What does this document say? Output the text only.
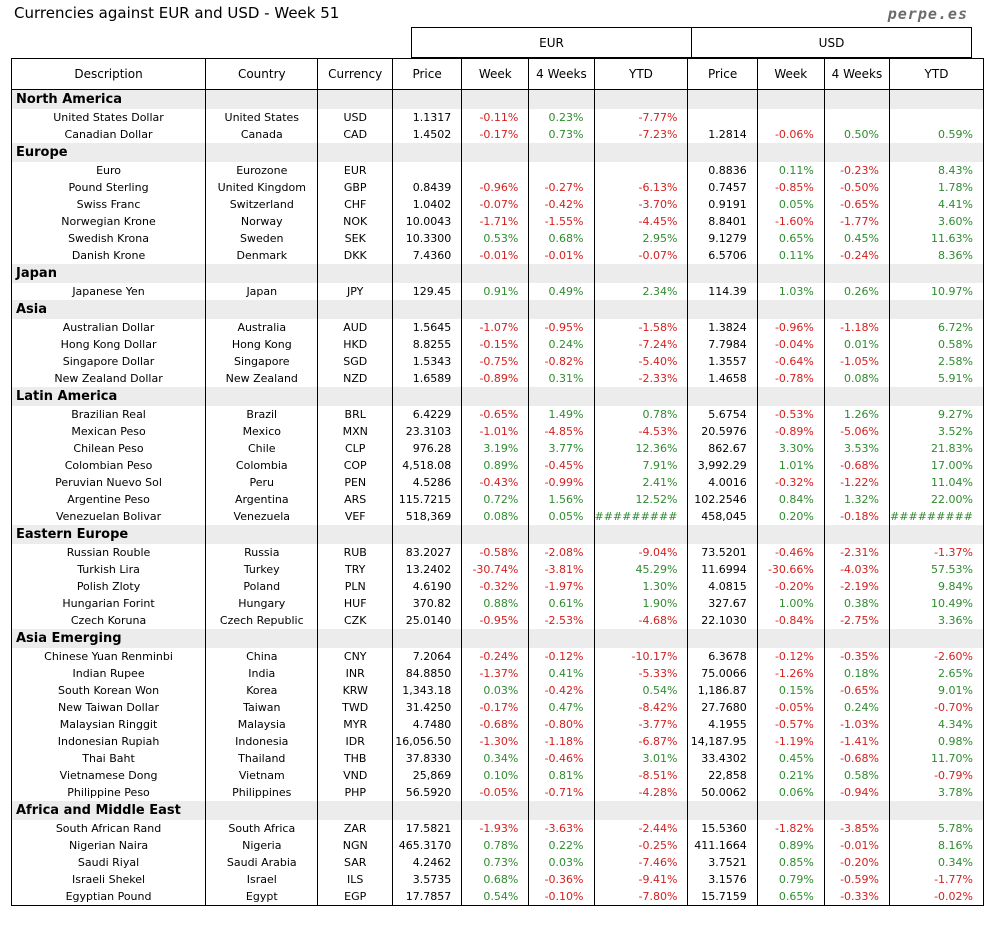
Currencies against EUR and USD - Week 51	perpe.es
EUR	USD
Description	Country	Currency	Price	Week	4 Weeks	YTD	Price	Week	4 Weeks	YTD
North America										
United States Dollar	United States	USD	1.1317	-0.11%	0.23%	-7.77%				
Canadian Dollar	Canada	CAD	1.4502	-0.17%	0.73%	-7.23%	1.2814	-0.06%	0.50%	0.59%
Europe										
Euro	Eurozone	EUR					0.8836	0.11%	-0.23%	8.43%
Pound Sterling	United Kingdom	GBP	0.8439	-0.96%	-0.27%	-6.13%	0.7457	-0.85%	-0.50%	1.78%
Swiss Franc	Switzerland	CHF	1.0402	-0.07%	-0.42%	-3.70%	0.9191	0.05%	-0.65%	4.41%
Norwegian Krone	Norway	NOK	10.0043	-1.71%	-1.55%	-4.45%	8.8401	-1.60%	-1.77%	3.60%
Swedish Krona	Sweden	SEK	10.3300	0.53%	0.68%	2.95%	9.1279	0.65%	0.45%	11.63%
Danish Krone	Denmark	DKK	7.4360	-0.01%	-0.01%	-0.07%	6.5706	0.11%	-0.24%	8.36%
Japan										
Japanese Yen	Japan	JPY	129.45	0.91%	0.49%	2.34%	114.39	1.03%	0.26%	10.97%
Asia										
Australian Dollar	Australia	AUD	1.5645	-1.07%	-0.95%	-1.58%	1.3824	-0.96%	-1.18%	6.72%
Hong Kong Dollar	Hong Kong	HKD	8.8255	-0.15%	0.24%	-7.24%	7.7984	-0.04%	0.01%	0.58%
Singapore Dollar	Singapore	SGD	1.5343	-0.75%	-0.82%	-5.40%	1.3557	-0.64%	-1.05%	2.58%
New Zealand Dollar	New Zealand	NZD	1.6589	-0.89%	0.31%	-2.33%	1.4658	-0.78%	0.08%	5.91%
Latin America										
Brazilian Real	Brazil	BRL	6.4229	-0.65%	1.49%	0.78%	5.6754	-0.53%	1.26%	9.27%
Mexican Peso	Mexico	MXN	23.3103	-1.01%	-4.85%	-4.53%	20.5976	-0.89%	-5.06%	3.52%
Chilean Peso	Chile	CLP	976.28	3.19%	3.77%	12.36%	862.67	3.30%	3.53%	21.83%
Colombian Peso	Colombia	COP	4,518.08	0.89%	-0.45%	7.91%	3,992.29	1.01%	-0.68%	17.00%
Peruvian Nuevo Sol	Peru	PEN	4.5286	-0.43%	-0.99%	2.41%	4.0016	-0.32%	-1.22%	11.04%
Argentine Peso	Argentina	ARS	115.7215	0.72%	1.56%	12.52%	102.2546	0.84%	1.32%	22.00%
Venezuelan Bolivar	Venezuela	VEF	518,369	0.08%	0.05%	#########	458,045	0.20%	-0.18%	#########
Eastern Europe										
Russian Rouble	Russia	RUB	83.2027	-0.58%	-2.08%	-9.04%	73.5201	-0.46%	-2.31%	-1.37%
Turkish Lira	Turkey	TRY	13.2402	-30.74%	-3.81%	45.29%	11.6994	-30.66%	-4.03%	57.53%
Polish Zloty	Poland	PLN	4.6190	-0.32%	-1.97%	1.30%	4.0815	-0.20%	-2.19%	9.84%
Hungarian Forint	Hungary	HUF	370.82	0.88%	0.61%	1.90%	327.67	1.00%	0.38%	10.49%
Czech Koruna	Czech Republic	CZK	25.0140	-0.95%	-2.53%	-4.68%	22.1030	-0.84%	-2.75%	3.36%
Asia Emerging										
Chinese Yuan Renminbi	China	CNY	7.2064	-0.24%	-0.12%	-10.17%	6.3678	-0.12%	-0.35%	-2.60%
Indian Rupee	India	INR	84.8850	-1.37%	0.41%	-5.33%	75.0066	-1.26%	0.18%	2.65%
South Korean Won	Korea	KRW	1,343.18	0.03%	-0.42%	0.54%	1,186.87	0.15%	-0.65%	9.01%
New Taiwan Dollar	Taiwan	TWD	31.4250	-0.17%	0.47%	-8.42%	27.7680	-0.05%	0.24%	-0.70%
Malaysian Ringgit	Malaysia	MYR	4.7480	-0.68%	-0.80%	-3.77%	4.1955	-0.57%	-1.03%	4.34%
Indonesian Rupiah	Indonesia	IDR	16,056.50	-1.30%	-1.18%	-6.87%	14,187.95	-1.19%	-1.41%	0.98%
Thai Baht	Thailand	THB	37.8330	0.34%	-0.46%	3.01%	33.4302	0.45%	-0.68%	11.70%
Vietnamese Dong	Vietnam	VND	25,869	0.10%	0.81%	-8.51%	22,858	0.21%	0.58%	-0.79%
Philippine Peso	Philippines	PHP	56.5920	-0.05%	-0.71%	-4.28%	50.0062	0.06%	-0.94%	3.78%
Africa and Middle East										
South African Rand	South Africa	ZAR	17.5821	-1.93%	-3.63%	-2.44%	15.5360	-1.82%	-3.85%	5.78%
Nigerian Naira	Nigeria	NGN	465.3170	0.78%	0.22%	-0.25%	411.1664	0.89%	-0.01%	8.16%
Saudi Riyal	Saudi Arabia	SAR	4.2462	0.73%	0.03%	-7.46%	3.7521	0.85%	-0.20%	0.34%
Israeli Shekel	Israel	ILS	3.5735	0.68%	-0.36%	-9.41%	3.1576	0.79%	-0.59%	-1.77%
Egyptian Pound	Egypt	EGP	17.7857	0.54%	-0.10%	-7.80%	15.7159	0.65%	-0.33%	-0.02%
